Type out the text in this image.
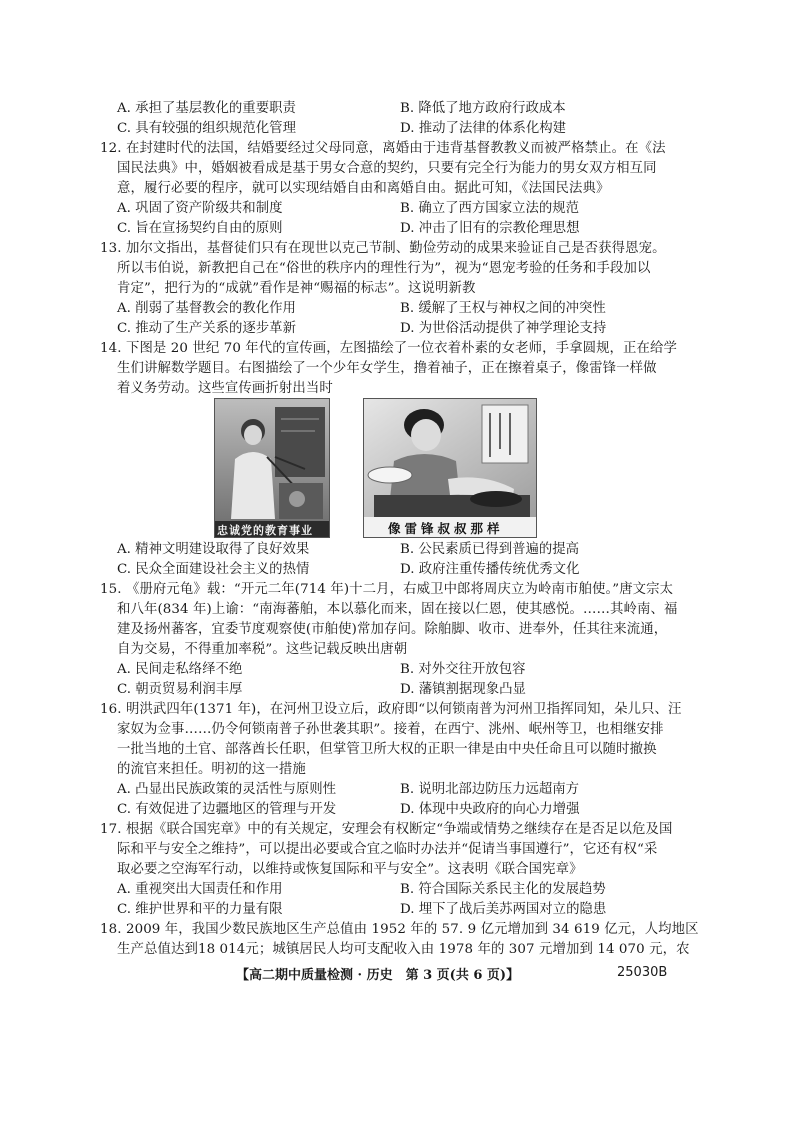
A. 承担了基层教化的重要职责	B. 降低了地方政府行政成本
C. 具有较强的组织规范化管理	D. 推动了法律的体系化构建
12. 在封建时代的法国，结婚要经过父母同意，离婚由于违背基督教教义而被严格禁止。在《法
国民法典》中，婚姻被看成是基于男女合意的契约，只要有完全行为能力的男女双方相互同
意，履行必要的程序，就可以实现结婚自由和离婚自由。据此可知，《法国民法典》
A. 巩固了资产阶级共和制度	B. 确立了西方国家立法的规范
C. 旨在宣扬契约自由的原则	D. 冲击了旧有的宗教伦理思想
13. 加尔文指出，基督徒们只有在现世以克己节制、勤俭劳动的成果来验证自己是否获得恩宠。
所以韦伯说，新教把自己在“俗世的秩序内的理性行为”，视为“恩宠考验的任务和手段加以
肯定”，把行为的“成就”看作是神“赐福的标志”。这说明新教
A. 削弱了基督教会的教化作用	B. 缓解了王权与神权之间的冲突性
C. 推动了生产关系的逐步革新	D. 为世俗活动提供了神学理论支持
14. 下图是 20 世纪 70 年代的宣传画，左图描绘了一位衣着朴素的女老师，手拿圆规，正在给学
生们讲解数学题目。右图描绘了一个少年女学生，撸着袖子，正在擦着桌子，像雷锋一样做
着义务劳动。这些宣传画折射出当时
忠诚党的教育事业	像雷锋叔叔那样
A. 精神文明建设取得了良好效果	B. 公民素质已得到普遍的提高
C. 民众全面建设社会主义的热情	D. 政府注重传播传统优秀文化
15. 《册府元龟》载：“开元二年(714 年)十二月，右威卫中郎将周庆立为岭南市舶使。”唐文宗太
和八年(834 年)上谕：“南海蕃舶，本以慕化而来，固在接以仁恩，使其感悦。……其岭南、福
建及扬州蕃客，宜委节度观察使(市舶使)常加存问。除舶脚、收市、进奉外，任其往来流通，
自为交易，不得重加率税”。这些记载反映出唐朝
A. 民间走私络绎不绝	B. 对外交往开放包容
C. 朝贡贸易利润丰厚	D. 藩镇割据现象凸显
16. 明洪武四年(1371 年)，在河州卫设立后，政府即“以何锁南普为河州卫指挥同知，朵儿只、汪
家奴为佥事……仍令何锁南普子孙世袭其职”。接着，在西宁、洮州、岷州等卫，也相继安排
一批当地的土官、部落酋长任职，但掌管卫所大权的正职一律是由中央任命且可以随时撤换
的流官来担任。明初的这一措施
A. 凸显出民族政策的灵活性与原则性	B. 说明北部边防压力远超南方
C. 有效促进了边疆地区的管理与开发	D. 体现中央政府的向心力增强
17. 根据《联合国宪章》中的有关规定，安理会有权断定“争端或情势之继续存在是否足以危及国
际和平与安全之维持”，可以提出必要或合宜之临时办法并“促请当事国遵行”，它还有权“采
取必要之空海军行动，以维持或恢复国际和平与安全”。这表明《联合国宪章》
A. 重视突出大国责任和作用	B. 符合国际关系民主化的发展趋势
C. 维护世界和平的力量有限	D. 埋下了战后美苏两国对立的隐患
18. 2009 年，我国少数民族地区生产总值由 1952 年的 57. 9 亿元增加到 34 619 亿元，人均地区
生产总值达到18 014元；城镇居民人均可支配收入由 1978 年的 307 元增加到 14 070 元，农
【高二期中质量检测 · 历史　第 3 页(共 6 页)】	25030B
